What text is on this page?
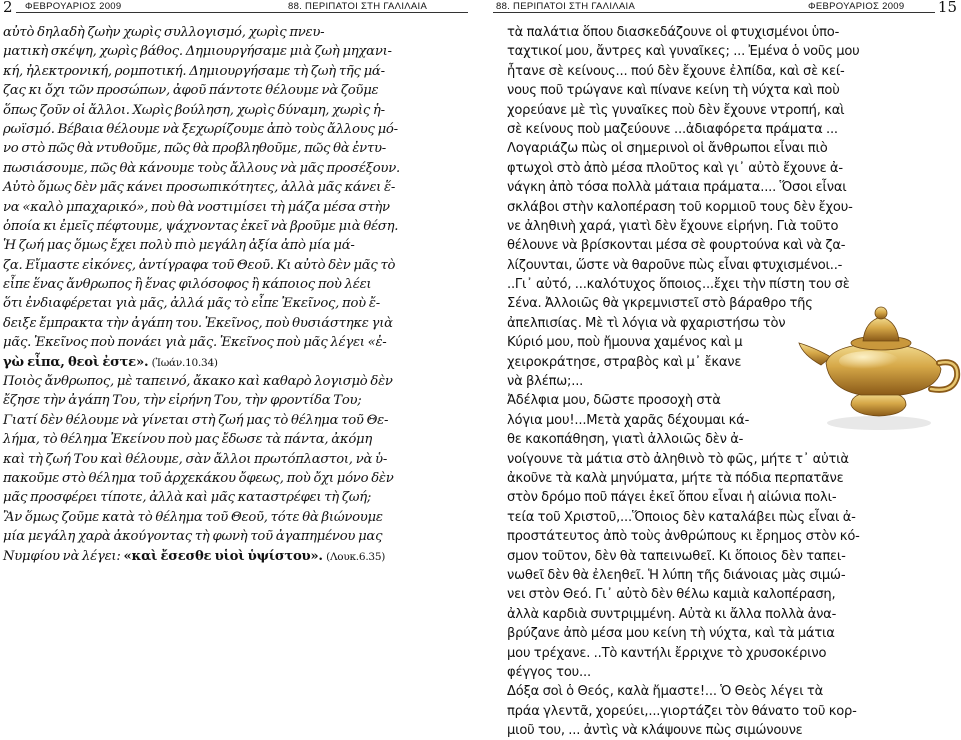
2	ΦΕΒΡΟΥΑΡΙΟΣ 2009	88. ΠΕΡΙΠΑΤΟΙ ΣΤΗ ΓΑΛΙΛΑΙΑ
αὐτὸ δηλαδὴ ζωὴν χωρὶς συλλογισμό, χωρὶς πνευ-
ματικὴ σκέψη, χωρὶς βάθος. Δημιουργήσαμε μιὰ ζωὴ μηχανι-
κή, ἠλεκτρονική, ρομποτική. Δημιουργήσαμε τὴ ζωὴ τῆς μά-
ζας κι ὄχι τῶν προσώπων, ἀφοῦ πάντοτε θέλουμε νὰ ζοῦμε
ὅπως ζοῦν οἱ ἄλλοι. Χωρὶς βούληση, χωρὶς δύναμη, χωρὶς ἡ-
ρωϊσμό. Βέβαια θέλουμε νὰ ξεχωρίζουμε ἀπὸ τοὺς ἄλλους μό-
νο στὸ πῶς θὰ ντυθοῦμε, πῶς θὰ προβληθοῦμε, πῶς θὰ ἐντυ-
πωσιάσουμε, πῶς θὰ κάνουμε τοὺς ἄλλους νὰ μᾶς προσέξουν.
Αὐτὸ ὅμως δὲν μᾶς κάνει προσωπικότητες, ἀλλὰ μᾶς κάνει ἕ-
να «καλὸ μπαχαρικό», ποὺ θὰ νοστιμίσει τὴ μάζα μέσα στὴν
ὁποία κι ἐμεῖς πέφτουμε, ψάχνοντας ἐκεῖ νὰ βροῦμε μιὰ θέση.
Ἡ ζωή μας ὅμως ἔχει πολὺ πιὸ μεγάλη ἀξία ἀπὸ μία μά-
ζα. Εἴμαστε εἰκόνες, ἀντίγραφα τοῦ Θεοῦ. Κι αὐτὸ δὲν μᾶς τὸ
εἶπε ἕνας ἄνθρωπος ἢ ἕνας φιλόσοφος ἢ κάποιος ποὺ λέει
ὅτι ἐνδιαφέρεται γιὰ μᾶς, ἀλλά μᾶς τὸ εἶπε Ἐκεῖνος, ποὺ ἔ-
δειξε ἔμπρακτα τὴν ἀγάπη του. Ἐκεῖνος, ποὺ θυσιάστηκε γιὰ
μᾶς. Ἐκεῖνος ποὺ πονάει γιὰ μᾶς. Ἐκεῖνος ποὺ μᾶς λέγει «ἐ-
γὼ εἶπα, θεοὶ ἐστε». (Ἰωάν.10.34)
Ποιὸς ἄνθρωπος, μὲ ταπεινό, ἄκακο καὶ καθαρὸ λογισμὸ δὲν
ἔζησε τὴν ἀγάπη Του, τὴν εἰρήνη Του, τὴν φροντίδα Του;
Γιατί δὲν θέλουμε νὰ γίνεται στὴ ζωή μας τὸ θέλημα τοῦ Θε-
λήμα, τὸ θέλημα Ἐκείνου ποὺ μας ἔδωσε τὰ πάντα, ἀκόμη
καὶ τὴ ζωή Του καὶ θέλουμε, σὰν ἄλλοι πρωτόπλαστοι, νὰ ὑ-
πακοῦμε στὸ θέλημα τοῦ ἀρχεκάκου ὄφεως, ποὺ ὄχι μόνο δὲν
μᾶς προσφέρει τίποτε, ἀλλὰ καὶ μᾶς καταστρέφει τὴ ζωή;
Ἂν ὅμως ζοῦμε κατὰ τὸ θέλημα τοῦ Θεοῦ, τότε θὰ βιώνουμε
μία μεγάλη χαρὰ ἀκούγοντας τὴ φωνὴ τοῦ ἀγαπημένου μας
Νυμφίου νὰ λέγει: «καὶ ἔσεσθε υἱοὶ ὑψίστου». (Λουκ.6.35)
88. ΠΕΡΙΠΑΤΟΙ ΣΤΗ ΓΑΛΙΛΑΙΑ	ΦΕΒΡΟΥΑΡΙΟΣ 2009 15
τὰ παλάτια ὅπου διασκεδάζουνε οἱ φτυχισμένοι ὑπο-
ταχτικοί μου, ἄντρες καὶ γυναῖκες; ... Ἐμένα ὁ νοῦς μου
ἦτανε σὲ κείνους... πού δὲν ἔχουνε ἐλπίδα, καὶ σὲ κεί-
νους ποῦ τρώγανε καὶ πίνανε κείνη τὴ νύχτα καὶ ποὺ
χορεύανε μὲ τὶς γυναῖκες ποὺ δὲν ἔχουνε ντροπή, καὶ
σὲ κείνους ποὺ μαζεύουνε ...ἀδιαφόρετα πράματα ...
Λογαριάζω πὼς οἱ σημερινοὶ οἱ ἄνθρωποι εἶναι πιὸ
φτωχοὶ στὸ ἀπὸ μέσα πλοῦτος καὶ γι᾿ αὐτὸ ἔχουνε ἀ-
νάγκη ἀπὸ τόσα πολλὰ μάταια πράματα.... Ὅσοι εἶναι
σκλάβοι στὴν καλοπέραση τοῦ κορμιοῦ τους δὲν ἔχου-
νε ἀληθινὴ χαρά, γιατὶ δὲν ἔχουνε εἰρήνη. Γιὰ τοῦτο
θέλουνε νὰ βρίσκονται μέσα σὲ φουρτούνα καὶ νὰ ζα-
λίζουνται, ὥστε νὰ θαροῦνε πὼς εἶναι φτυχισμένοι..-
..Γι᾿ αὐτό, ...καλότυχος ὅποιος...ἔχει τὴν πίστη του σὲ
Σένα. Ἀλλοιῶς θὰ γκρεμνιστεῖ στὸ βάραθρο τῆς
ἀπελπισίας. Μὲ τὶ λόγια νὰ φχαριστήσω τὸν
Κύριό μου, ποὺ ἤμουνα χαμένος καὶ μ
χειροκράτησε, στραβὸς καὶ μ᾿ ἔκανε
νὰ βλέπω;...
Ἀδέλφια μου, δῶστε προσοχὴ στὰ
λόγια μου!...Μετὰ χαρᾶς δέχουμαι κά-
θε κακοπάθηση, γιατὶ ἀλλοιῶς δὲν ἀ-
νοίγουνε τὰ μάτια στὸ ἀληθινὸ τὸ φῶς, μήτε τ᾿ αὐτιὰ
ἀκοῦνε τὰ καλὰ μηνύματα, μήτε τὰ πόδια περπατᾶνε
στὸν δρόμο ποῦ πάγει ἐκεῖ ὅπου εἶναι ἡ αἰώνια πολι-
τεία τοῦ Χριστοῦ,...Ὅποιος δὲν καταλάβει πὼς εἶναι ἀ-
προστάτευτος ἀπὸ τοὺς ἀνθρώπους κι ἔρημος στὸν κό-
σμον τοῦτον, δὲν θὰ ταπεινωθεῖ. Κι ὅποιος δὲν ταπει-
νωθεῖ δὲν θὰ ἐλεηθεῖ. Ἡ λύπη τῆς διάνοιας μὰς σιμώ-
νει στὸν Θεό. Γι᾿ αὐτὸ δὲν θέλω καμιὰ καλοπέραση,
ἀλλὰ καρδιὰ συντριμμένη. Αὐτὰ κι ἄλλα πολλὰ ἀνα-
βρύζανε ἀπὸ μέσα μου κείνη τὴ νύχτα, καὶ τὰ μάτια
μου τρέχανε. ..Τὸ καντήλι ἔρριχνε τὸ χρυσοκέρινο
φέγγος του...
Δόξα σοὶ ὁ Θεός, καλὰ ἤμαστε!... Ὁ Θεὸς λέγει τὰ
πράα γλεντᾶ, χορεύει,...γιορτάζει τὸν θάνατο τοῦ κορ-
μιοῦ του, ... ἀντὶς νὰ κλάψουνε πὼς σιμώνουνε
